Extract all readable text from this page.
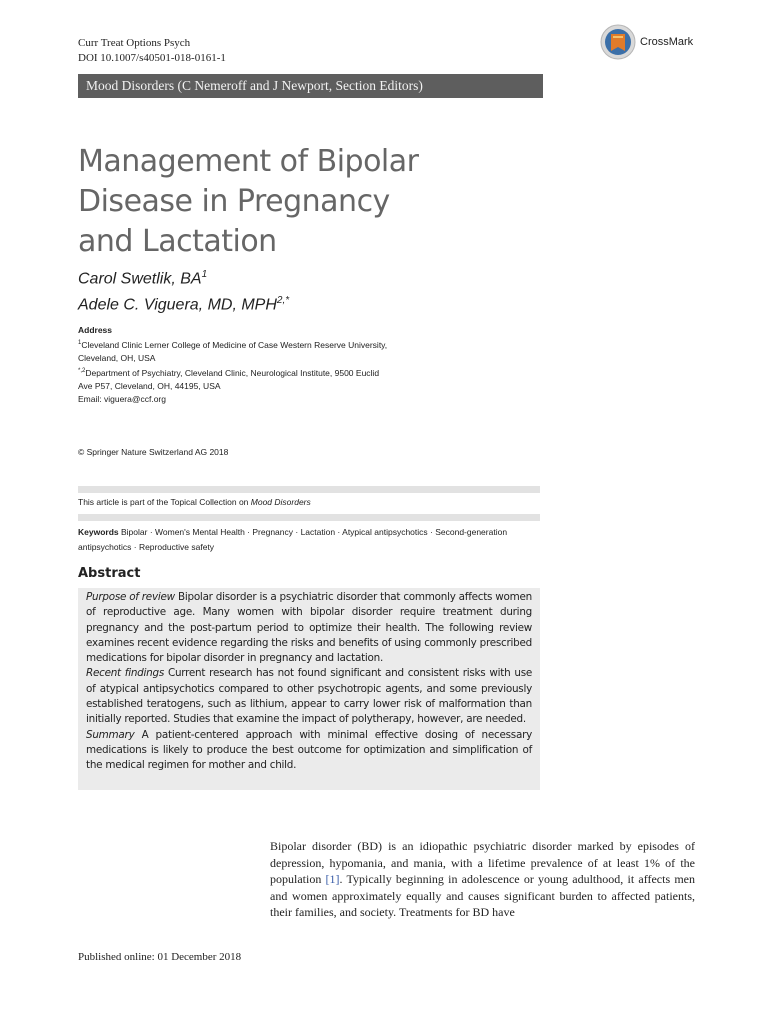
Curr Treat Options Psych
DOI 10.1007/s40501-018-0161-1
CrossMark
Mood Disorders (C Nemeroff and J Newport, Section Editors)
Management of Bipolar
Disease in Pregnancy
and Lactation
Carol Swetlik, $BA^1$
Adele C. Viguera, MD, $MPH^{2,*}$
Address
$^1$Cleveland Clinic Lerner College of Medicine of Case Western Reserve University,
Cleveland, OH, USA
$^{*,2}$Department of Psychiatry, Cleveland Clinic, Neurological Institute, 9500 Euclid
Ave P57, Cleveland, OH, 44195, USA
Email: viguera@ccf.org
© Springer Nature Switzerland AG 2018
This article is part of the Topical Collection on Mood Disorders
Keywords Bipolar · Women's Mental Health · Pregnancy · Lactation · Atypical antipsychotics · Second-generation antipsychotics · Reproductive safety
Abstract

Purpose of review Bipolar disorder is a psychiatric disorder that commonly affects women of reproductive age. Many women with bipolar disorder require treatment during pregnancy and the post-partum period to optimize their health. The following review examines recent evidence regarding the risks and benefits of using commonly prescribed medications for bipolar disorder in pregnancy and lactation.

Recent findings Current research has not found significant and consistent risks with use of atypical antipsychotics compared to other psychotropic agents, and some previously established teratogens, such as lithium, appear to carry lower risk of malformation than initially reported. Studies that examine the impact of polytherapy, however, are needed.

Summary A patient-centered approach with minimal effective dosing of necessary medications is likely to produce the best outcome for optimization and simplification of the medical regimen for mother and child.

Bipolar disorder (BD) is an idiopathic psychiatric disorder marked by episodes of depression, hypomania, and mania, with a lifetime prevalence of at least 1% of the population [1]. Typically beginning in adolescence or young adulthood, it affects men and women approximately equally and causes significant burden to affected patients, their families, and society. Treatments for BD have

Published online: 01 December 2018
